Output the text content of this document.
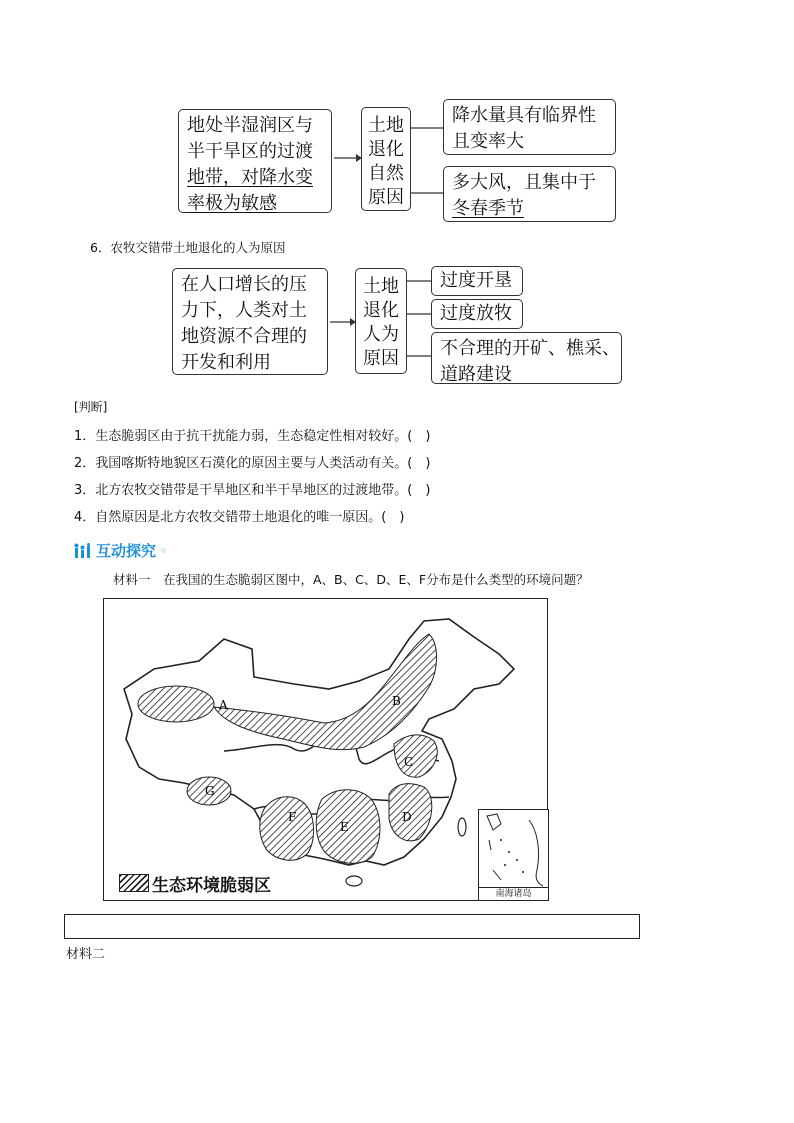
地处半湿润区与
半干旱区的过渡
地带，对降水变
率极为敏感
土地
退化
自然
原因
降水量具有临界性
且变率大
多大风，且集中于
冬春季节
6．农牧交错带土地退化的人为原因
在人口增长的压
力下，人类对土
地资源不合理的
开发和利用
土地
退化
人为
原因
过度开垦
过度放牧
不合理的开矿、樵采、
道路建设
[判断]
1．生态脆弱区由于抗干扰能力弱，生态稳定性相对较好。(　)
2．我国喀斯特地貌区石漠化的原因主要与人类活动有关。(　)
3．北方农牧交错带是干旱地区和半干旱地区的过渡地带。(　)
4．自然原因是北方农牧交错带土地退化的唯一原因。(　)
互动探究 ◦
材料一　在我国的生态脆弱区图中，A、B、C、D、E、F分布是什么类型的环境问题？
A	B
C
D
E
F
G
生态环境脆弱区	南海诸岛
材料二
